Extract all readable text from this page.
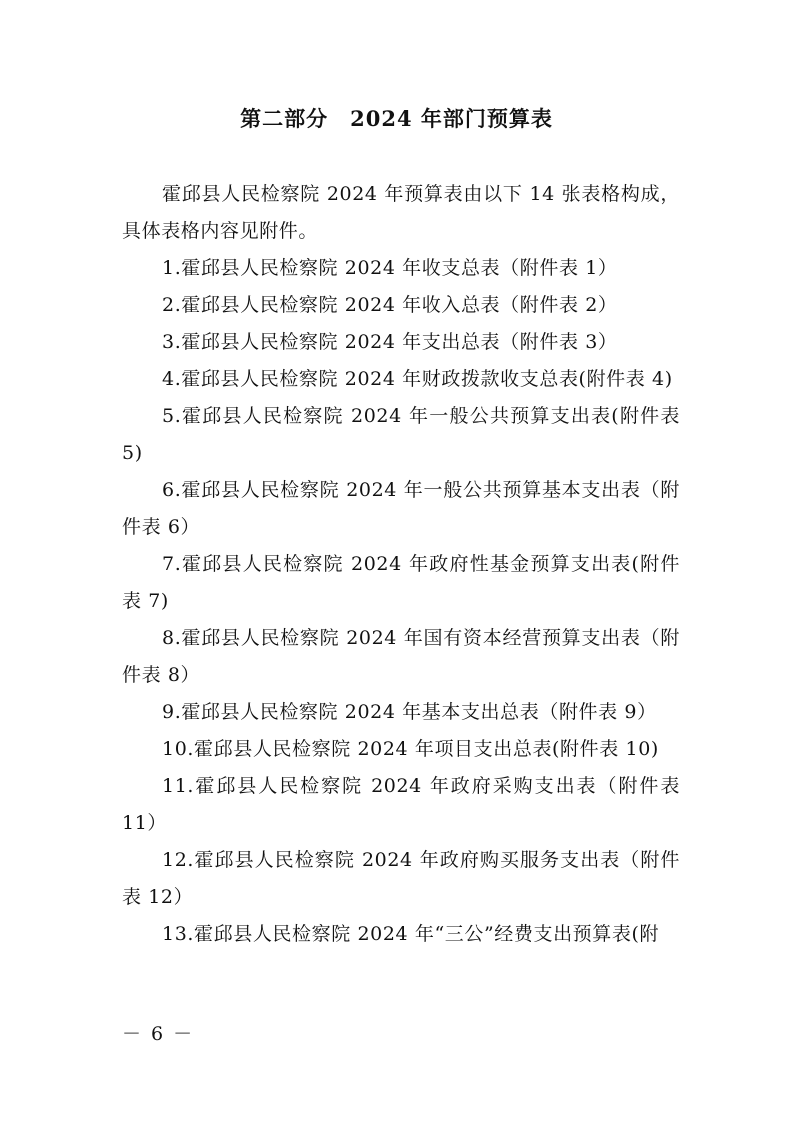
第二部分　2024 年部门预算表

霍邱县人民检察院 2024 年预算表由以下 14 张表格构成，具体表格内容见附件。

1.霍邱县人民检察院 2024 年收支总表（附件表 1）
2.霍邱县人民检察院 2024 年收入总表（附件表 2）
3.霍邱县人民检察院 2024 年支出总表（附件表 3）
4.霍邱县人民检察院 2024 年财政拨款收支总表(附件表 4)
5.霍邱县人民检察院 2024 年一般公共预算支出表(附件表 5)
6.霍邱县人民检察院 2024 年一般公共预算基本支出表（附件表 6）
7.霍邱县人民检察院 2024 年政府性基金预算支出表(附件表 7)
8.霍邱县人民检察院 2024 年国有资本经营预算支出表（附件表 8）
9.霍邱县人民检察院 2024 年基本支出总表（附件表 9）
10.霍邱县人民检察院 2024 年项目支出总表(附件表 10)
11.霍邱县人民检察院 2024 年政府采购支出表（附件表 11）
12.霍邱县人民检察院 2024 年政府购买服务支出表（附件表 12）
13.霍邱县人民检察院 2024 年“三公”经费支出预算表(附
－ 6 －
